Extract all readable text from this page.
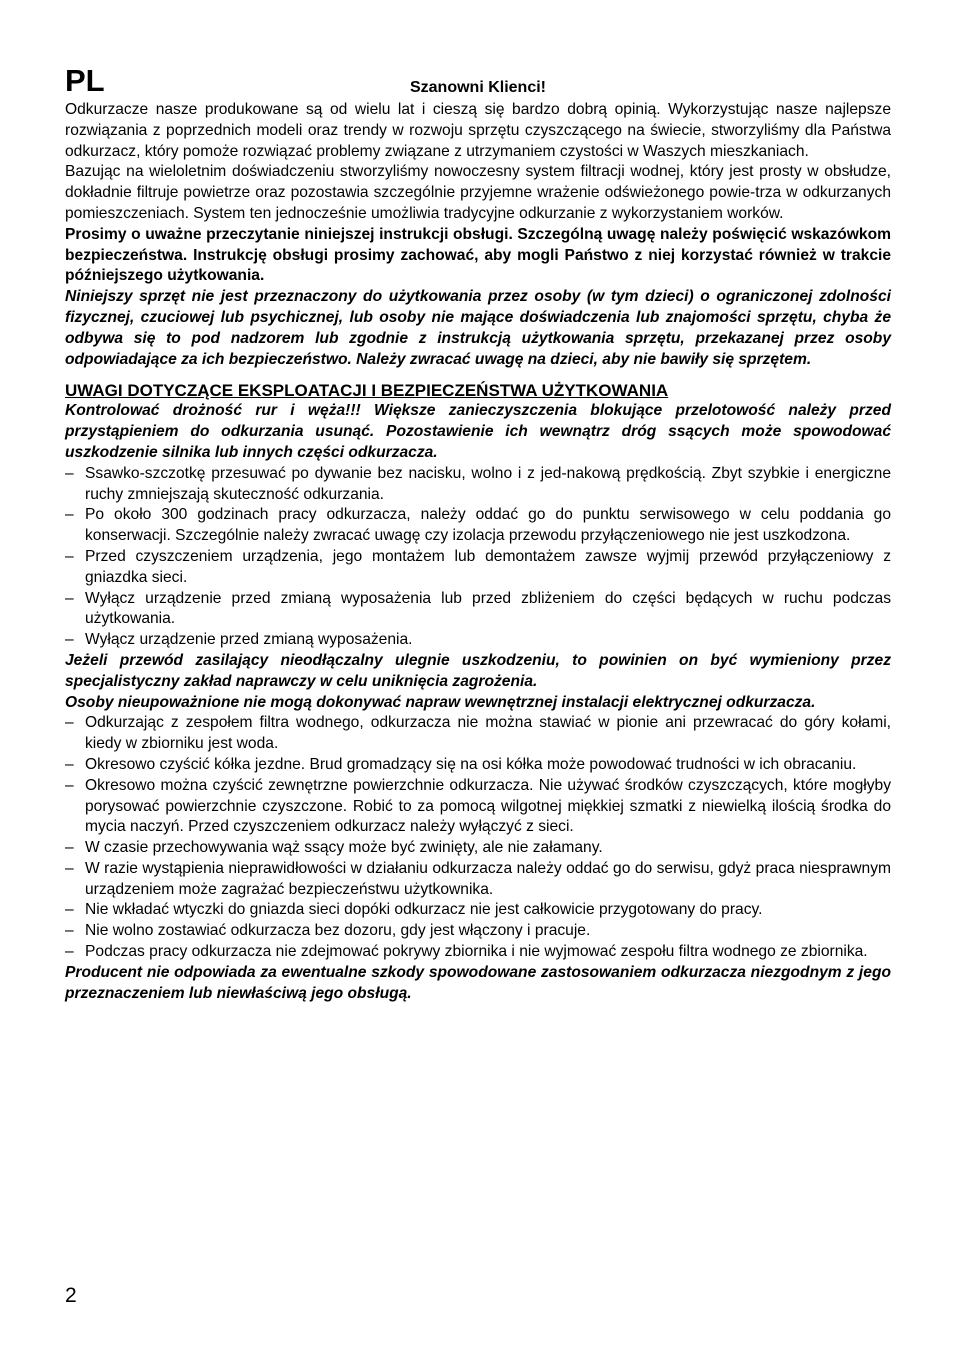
PL	Szanowni Klienci!

Odkurzacze nasze produkowane są od wielu lat i cieszą się bardzo dobrą opinią. Wykorzystując nasze najlepsze rozwiązania z poprzednich modeli oraz trendy w rozwoju sprzętu czyszczącego na świecie, stworzyliśmy dla Państwa odkurzacz, który pomoże rozwiązać problemy związane z utrzymaniem czystości w Waszych mieszkaniach.

Bazując na wieloletnim doświadczeniu stworzyliśmy nowoczesny system filtracji wodnej, który jest prosty w obsłudze, dokładnie filtruje powietrze oraz pozostawia szczególnie przyjemne wrażenie odświeżonego powie-trza w odkurzanych pomieszczeniach. System ten jednocześnie umożliwia tradycyjne odkurzanie z wykorzystaniem worków.

Prosimy o uważne przeczytanie niniejszej instrukcji obsługi. Szczególną uwagę należy poświęcić wskazówkom bezpieczeństwa. Instrukcję obsługi prosimy zachować, aby mogli Państwo z niej korzystać również w trakcie późniejszego użytkowania.

Niniejszy sprzęt nie jest przeznaczony do użytkowania przez osoby (w tym dzieci) o ograniczonej zdolności fizycznej, czuciowej lub psychicznej, lub osoby nie mające doświadczenia lub znajomości sprzętu, chyba że odbywa się to pod nadzorem lub zgodnie z instrukcją użytkowania sprzętu, przekazanej przez osoby odpowiadające za ich bezpieczeństwo. Należy zwracać uwagę na dzieci, aby nie bawiły się sprzętem.

UWAGI DOTYCZĄCE EKSPLOATACJI I BEZPIECZEŃSTWA UŻYTKOWANIA

Kontrolować drożność rur i węża!!! Większe zanieczyszczenia blokujące przelotowość należy przed przystąpieniem do odkurzania usunąć. Pozostawienie ich wewnątrz dróg ssących może spowodować uszkodzenie silnika lub innych części odkurzacza.

– Ssawko-szczotkę przesuwać po dywanie bez nacisku, wolno i z jed-nakową prędkością. Zbyt szybkie i energiczne ruchy zmniejszają skuteczność odkurzania.
– Po około 300 godzinach pracy odkurzacza, należy oddać go do punktu serwisowego w celu poddania go konserwacji. Szczególnie należy zwracać uwagę czy izolacja przewodu przyłączeniowego nie jest uszkodzona.
– Przed czyszczeniem urządzenia, jego montażem lub demontażem zawsze wyjmij przewód przyłączeniowy z gniazdka sieci.
– Wyłącz urządzenie przed zmianą wyposażenia lub przed zbliżeniem do części będących w ruchu podczas użytkowania.
– Wyłącz urządzenie przed zmianą wyposażenia.

Jeżeli przewód zasilający nieodłączalny ulegnie uszkodzeniu, to powinien on być wymieniony przez specjalistyczny zakład naprawczy w celu uniknięcia zagrożenia.

Osoby nieupoważnione nie mogą dokonywać napraw wewnętrznej instalacji elektrycznej odkurzacza.

– Odkurzając z zespołem filtra wodnego, odkurzacza nie można stawiać w pionie ani przewracać do góry kołami, kiedy w zbiorniku jest woda.
– Okresowo czyścić kółka jezdne. Brud gromadzący się na osi kółka może powodować trudności w ich obracaniu.
– Okresowo można czyścić zewnętrzne powierzchnie odkurzacza. Nie używać środków czyszczących, które mogłyby porysować powierzchnie czyszczone. Robić to za pomocą wilgotnej miękkiej szmatki z niewielką ilością środka do mycia naczyń. Przed czyszczeniem odkurzacz należy wyłączyć z sieci.
– W czasie przechowywania wąż ssący może być zwinięty, ale nie załamany.
– W razie wystąpienia nieprawidłowości w działaniu odkurzacza należy oddać go do serwisu, gdyż praca niesprawnym urządzeniem może zagrażać bezpieczeństwu użytkownika.
– Nie wkładać wtyczki do gniazda sieci dopóki odkurzacz nie jest całkowicie przygotowany do pracy.
– Nie wolno zostawiać odkurzacza bez dozoru, gdy jest włączony i pracuje.
– Podczas pracy odkurzacza nie zdejmować pokrywy zbiornika i nie wyjmować zespołu filtra wodnego ze zbiornika.

Producent nie odpowiada za ewentualne szkody spowodowane zastosowaniem odkurzacza niezgodnym z jego przeznaczeniem lub niewłaściwą jego obsługą.

2
